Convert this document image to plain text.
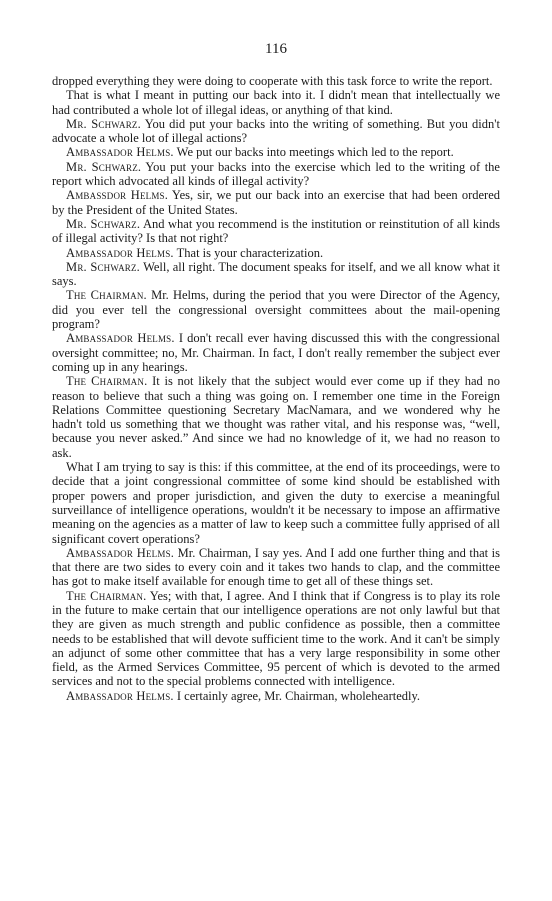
116

dropped everything they were doing to cooperate with this task force to write the report.

That is what I meant in putting our back into it. I didn't mean that intellectually we had contributed a whole lot of illegal ideas, or anything of that kind.

Mr. Schwarz. You did put your backs into the writing of something. But you didn't advocate a whole lot of illegal actions?

Ambassador Helms. We put our backs into meetings which led to the report.

Mr. Schwarz. You put your backs into the exercise which led to the writing of the report which advocated all kinds of illegal activity?

Ambassdor Helms. Yes, sir, we put our back into an exercise that had been ordered by the President of the United States.

Mr. Schwarz. And what you recommend is the institution or reinstitution of all kinds of illegal activity? Is that not right?

Ambassador Helms. That is your characterization.

Mr. Schwarz. Well, all right. The document speaks for itself, and we all know what it says.

The Chairman. Mr. Helms, during the period that you were Director of the Agency, did you ever tell the congressional oversight committees about the mail-opening program?

Ambassador Helms. I don't recall ever having discussed this with the congressional oversight committee; no, Mr. Chairman. In fact, I don't really remember the subject ever coming up in any hearings.

The Chairman. It is not likely that the subject would ever come up if they had no reason to believe that such a thing was going on. I remember one time in the Foreign Relations Committee questioning Secretary MacNamara, and we wondered why he hadn't told us something that we thought was rather vital, and his response was, “well, because you never asked.” And since we had no knowledge of it, we had no reason to ask.

What I am trying to say is this: if this committee, at the end of its proceedings, were to decide that a joint congressional committee of some kind should be established with proper powers and proper jurisdiction, and given the duty to exercise a meaningful surveillance of intelligence operations, wouldn't it be necessary to impose an affirmative meaning on the agencies as a matter of law to keep such a committee fully apprised of all significant covert operations?

Ambassador Helms. Mr. Chairman, I say yes. And I add one further thing and that is that there are two sides to every coin and it takes two hands to clap, and the committee has got to make itself available for enough time to get all of these things set.

The Chairman. Yes; with that, I agree. And I think that if Congress is to play its role in the future to make certain that our intelligence operations are not only lawful but that they are given as much strength and public confidence as possible, then a committee needs to be established that will devote sufficient time to the work. And it can't be simply an adjunct of some other committee that has a very large responsibility in some other field, as the Armed Services Committee, 95 percent of which is devoted to the armed services and not to the special problems connected with intelligence.

Ambassador Helms. I certainly agree, Mr. Chairman, wholeheartedly.
